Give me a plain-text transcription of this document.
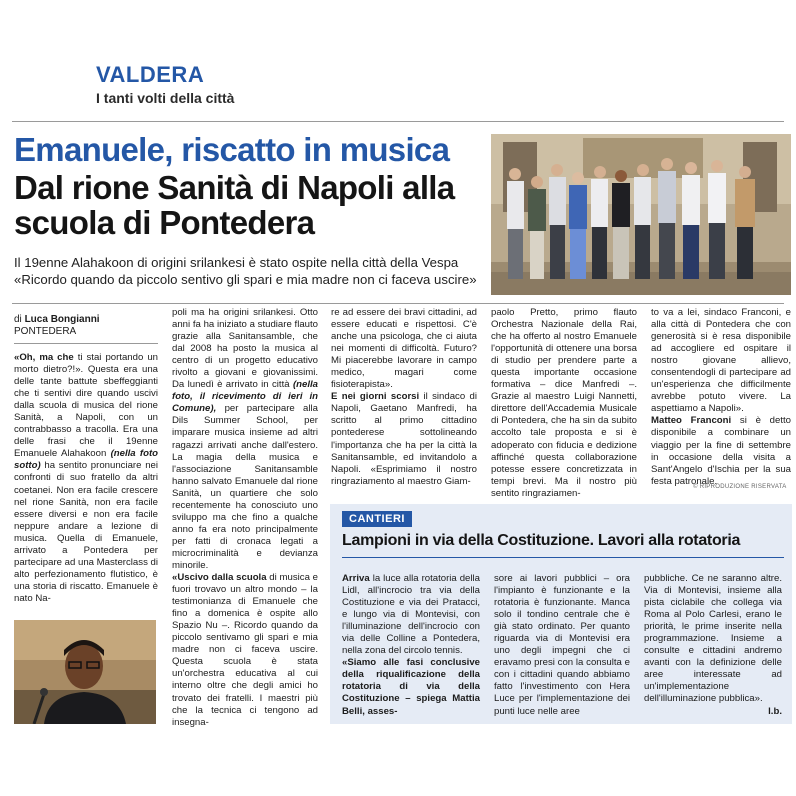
VALDERA
I tanti volti della città
Emanuele, riscatto in musica
Dal rione Sanità di Napoli alla scuola di Pontedera
Il 19enne Alahakoon di origini srilankesi è stato ospite nella città della Vespa «Ricordo quando da piccolo sentivo gli spari e mia madre non ci faceva uscire»
di Luca Bongianni
PONTEDERA

«Oh, ma che ti stai portando un morto dietro?!». Questa era una delle tante battute sbeffeggianti che ti sentivi dire quando uscivi dalla scuola di musica del rione Sanità, a Napoli, con un contrabbasso a tracolla. Era una delle frasi che il 19enne Emanuele Alahakoon (nella foto sotto) ha sentito pronunciare nei confronti di suo fratello da altri coetanei. Non era facile crescere nel rione Sanità, non era facile essere diversi e non era facile neppure andare a lezione di musica. Quella di Emanuele, arrivato a Pontedera per partecipare ad una Masterclass di alto perfezionamento flutistico, è una storia di riscatto. Emanuele è nato Na-

poli ma ha origini srilankesi. Otto anni fa ha iniziato a studiare flauto grazie alla Sanitansamble, che dal 2008 ha posto la musica al centro di un progetto educativo rivolto a giovani e giovanissimi. Da lunedì è arrivato in città (nella foto, il ricevimento di ieri in Comune), per partecipare alla Dils Summer School, per imparare musica insieme ad altri ragazzi arrivati anche dall'estero. La magia della musica e l'associazione Sanitansamble hanno salvato Emanuele dal rione Sanità, un quartiere che solo recentemente ha conosciuto uno sviluppo ma che fino a qualche anno fa era noto principalmente per fatti di cronaca legati a microcriminalità e devianza minorile.

«Uscivo dalla scuola di musica e fuori trovavo un altro mondo – la testimonianza di Emanuele che fino a domenica è ospite allo Spazio Nu –. Ricordo quando da piccolo sentivamo gli spari e mia madre non ci faceva uscire. Questa scuola è stata un'orchestra educativa al cui interno oltre che degli amici ho trovato dei fratelli. I maestri più che la tecnica ci tengono ad insegna-

re ad essere dei bravi cittadini, ad essere educati e rispettosi. C'è anche una psicologa, che ci aiuta nei momenti di difficoltà. Futuro? Mi piacerebbe lavorare in campo medico, magari come fisioterapista».

E nei giorni scorsi il sindaco di Napoli, Gaetano Manfredi, ha scritto al primo cittadino pontederese sottolineando l'importanza che ha per la città la Sanitansamble, ed invitandolo a Napoli. «Esprimiamo il nostro ringraziamento al maestro Giam-

paolo Pretto, primo flauto Orchestra Nazionale della Rai, che ha offerto al nostro Emanuele l'opportunità di ottenere una borsa di studio per prendere parte a questa importante occasione formativa – dice Manfredi –. Grazie al maestro Luigi Nannetti, direttore dell'Accademia Musicale di Pontedera, che ha sin da subito accolto tale proposta e si è adoperato con fiducia e dedizione affinché questa collaborazione potesse essere concretizzata in tempi brevi. Ma il nostro più sentito ringraziamen-

to va a lei, sindaco Franconi, e alla città di Pontedera che con generosità si è resa disponibile ad accogliere ed ospitare il nostro giovane allievo, consentendogli di partecipare ad un'esperienza che difficilmente avrebbe potuto vivere. La aspettiamo a Napoli».

Matteo Franconi si è detto disponibile a combinare un viaggio per la fine di settembre in occasione della visita a Sant'Angelo d'Ischia per la sua festa patronale.

© RIPRODUZIONE RISERVATA
CANTIERI
Lampioni in via della Costituzione. Lavori alla rotatoria

Arriva la luce alla rotatoria della Lidl, all'incrocio tra via della Costituzione e via dei Pratacci, e lungo via di Montevisi, con l'illuminazione dell'incrocio con via delle Colline a Pontedera, nella zona del circolo tennis.

«Siamo alle fasi conclusive della riqualificazione della rotatoria di via della Costituzione – spiega Mattia Belli, asses-

sore ai lavori pubblici – ora l'impianto è funzionante e la rotatoria è funzionante. Manca solo il tondino centrale che è già stato ordinato. Per quanto riguarda via di Montevisi era uno degli impegni che ci eravamo presi con la consulta e con i cittadini quando abbiamo fatto l'investimento con Hera Luce per l'implementazione dei punti luce nelle aree

pubbliche. Ce ne saranno altre. Via di Montevisi, insieme alla pista ciclabile che collega via Roma al Polo Carlesi, erano le priorità, le prime inserite nella programmazione. Insieme a consulte e cittadini andremo avanti con la definizione delle aree interessate ad un'implementazione dell'illuminazione pubblica».

l.b.
